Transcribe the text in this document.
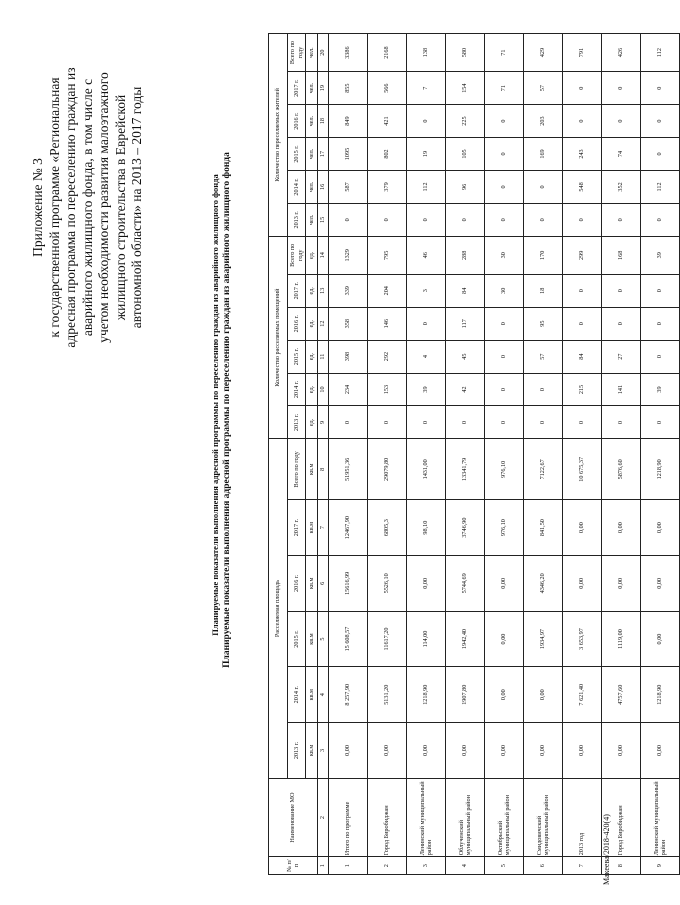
Приложение № 3 к государственной программе «Региональная адресная программа по переселению граждан из аварийного жилищного фонда, в том числе с учетом необходимости развития малоэтажного жилищного строительства в Еврейской автономной области» на 2013 – 2017 годы	Планируемые показатели выполнения адресной программы по переселению граждан из аварийного жилищного фонда Планируемые показатели выполнения адресной программы по переселению граждан из аварийного жилищного фонда
№ п/п	Наименование МО	Расселяемая площадь						Количество расселяемых помещений						Количество переселяемых жителей					
		2013 г.	2014 г.	2015 г.	2016 г.	2017 г.	Всего по году	2013 г.	2014 г.	2015 г.	2016 г.	2017 г.	Всего по году	2013 г.	2014 г.	2015 г.	2016 г.	2017 г.	Всего по году
		кв.м	кв.м	кв.м	кв.м	кв.м	кв.м	ед.	ед.	ед.	ед.	ед.	ед.	чел.	чел.	чел.	чел.	чел.	чел.
1	2	3	4	5	6	7	8	9	10	11	12	13	14	15	16	17	18	19	20
1	Итого по программе	0,00	8 257,90	15 608,57	15616,99	12467,90	51951,36	0	234	398	358	339	1329	0	587	1095	849	855	3386
2	Город Биробиджан	0,00	5131,20	11617,20	5526,10	6805,3	29079,80	0	153	292	146	204	795	0	379	802	421	566	2168
3	Ленинский муниципальный район	0,00	1218,90	114,00	0,00	98,10	1431,00	0	39	4	0	3	46	0	112	19	0	7	138
4	Облученский муниципальный район	0,00	1907,80	1942,40	5744,69	3746,90	13341,79	0	42	45	117	84	288	0	96	105	225	154	580
5	Октябрьский муниципальный район	0,00	0,00	0,00	0,00	976,10	976,10	0	0	0	0	30	30	0	0	0	0	71	71
6	Смидовичский муниципальный район	0,00	0,00	1934,97	4346,20	841,50	7122,67	0	0	57	95	18	170	0	0	169	203	57	429
7	2013 год	0,00	7 621,40	3 653,97	0,00	0,00	10 675,37	0	215	84	0	0	299	0	548	243	0	0	791
8	Город Биробиджан	0,00	4757,60	1119,00	0,00	0,00	5876,60	0	141	27	0	0	168	0	352	74	0	0	426
9	Ленинский муниципальный район	0,00	1218,90	0,00	0,00	0,00	1218,90	0	39	0	0	0	39	0	112	0	0	0	112
Макеева/2018-420(4)
